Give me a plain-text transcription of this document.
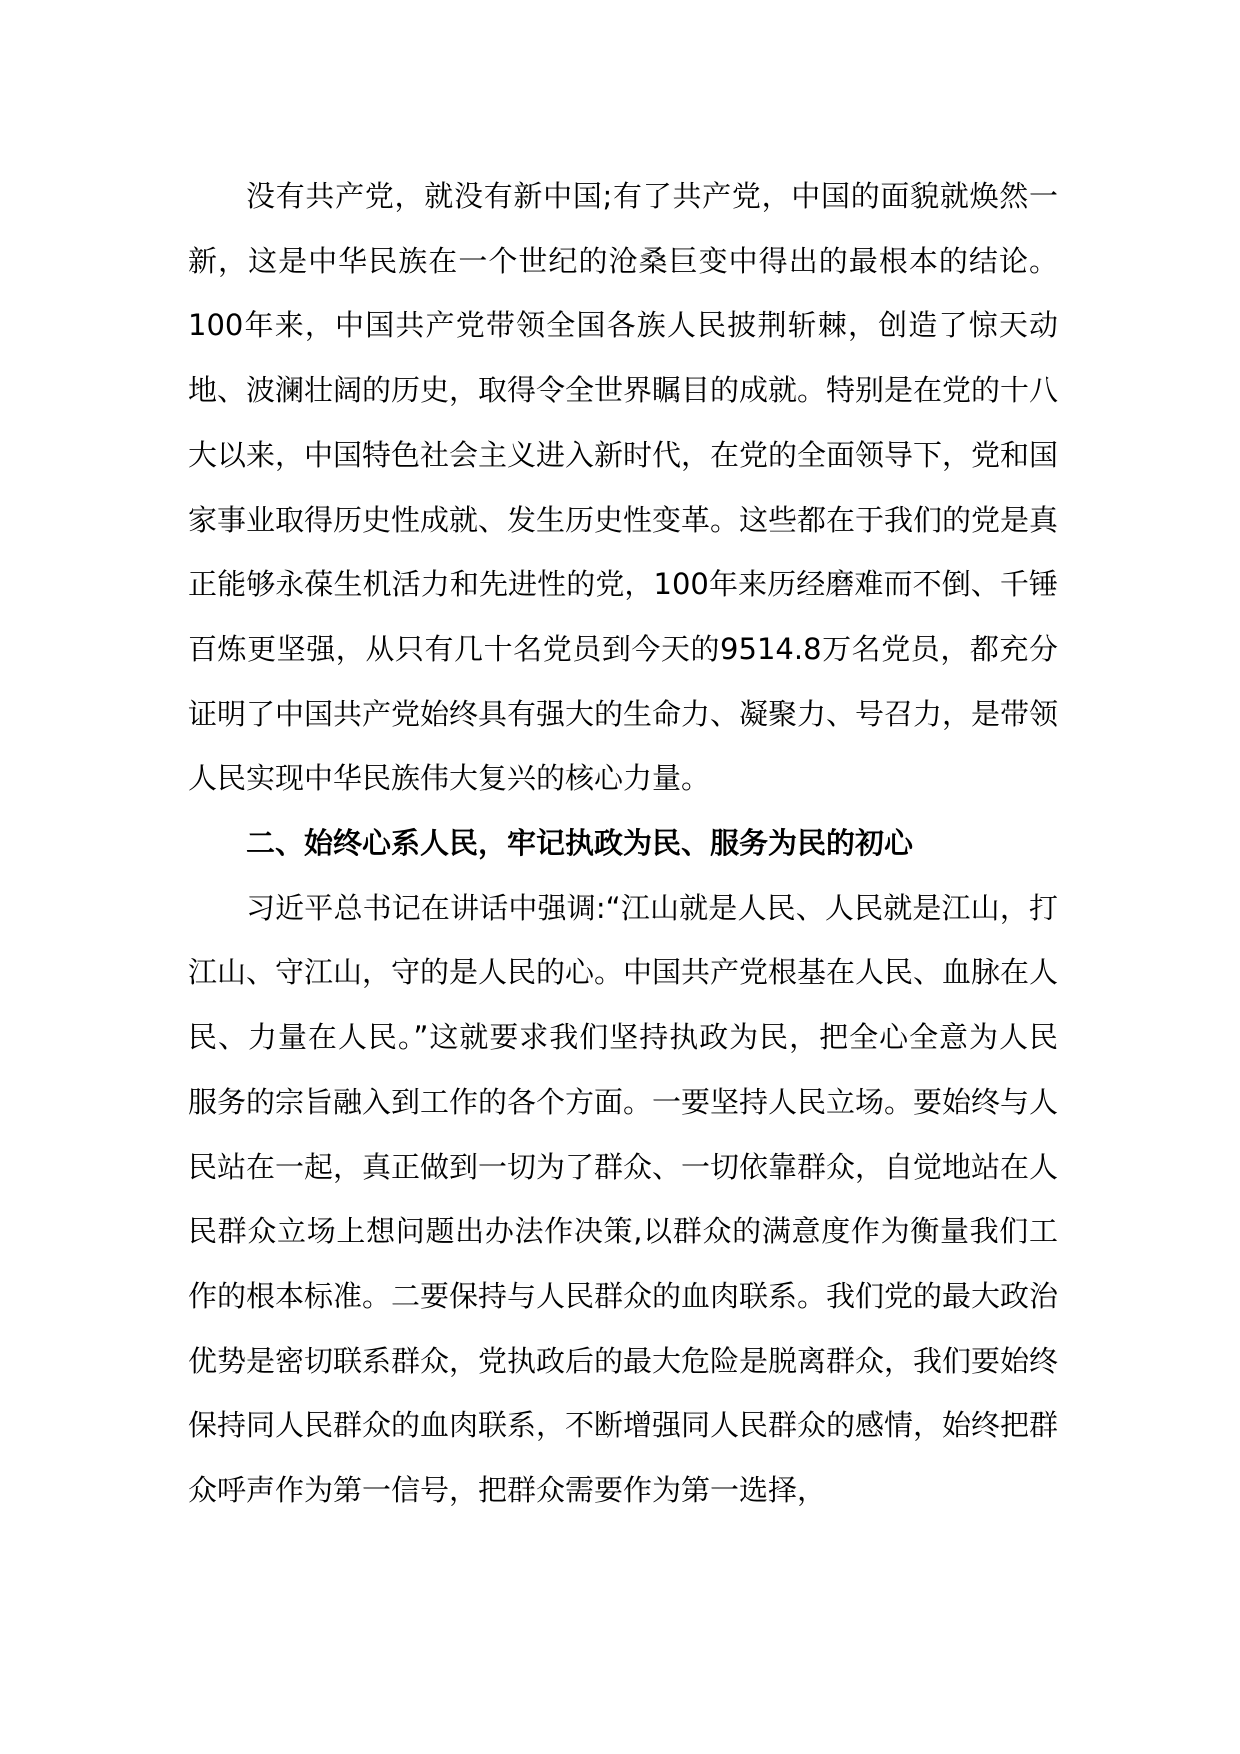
没有共产党，就没有新中国;有了共产党，中国的面貌就焕然一新，这是中华民族在一个世纪的沧桑巨变中得出的最根本的结论。100年来，中国共产党带领全国各族人民披荆斩棘，创造了惊天动地、波澜壮阔的历史，取得令全世界瞩目的成就。特别是在党的十八大以来，中国特色社会主义进入新时代，在党的全面领导下，党和国家事业取得历史性成就、发生历史性变革。这些都在于我们的党是真正能够永葆生机活力和先进性的党，100年来历经磨难而不倒、千锤百炼更坚强，从只有几十名党员到今天的9514.8万名党员，都充分证明了中国共产党始终具有强大的生命力、凝聚力、号召力，是带领人民实现中华民族伟大复兴的核心力量。

二、始终心系人民，牢记执政为民、服务为民的初心

习近平总书记在讲话中强调:“江山就是人民、人民就是江山，打江山、守江山，守的是人民的心。中国共产党根基在人民、血脉在人民、力量在人民。”这就要求我们坚持执政为民，把全心全意为人民服务的宗旨融入到工作的各个方面。一要坚持人民立场。要始终与人民站在一起，真正做到一切为了群众、一切依靠群众，自觉地站在人民群众立场上想问题出办法作决策,以群众的满意度作为衡量我们工作的根本标准。二要保持与人民群众的血肉联系。我们党的最大政治优势是密切联系群众，党执政后的最大危险是脱离群众，我们要始终保持同人民群众的血肉联系，不断增强同人民群众的感情，始终把群众呼声作为第一信号，把群众需要作为第一选择，
